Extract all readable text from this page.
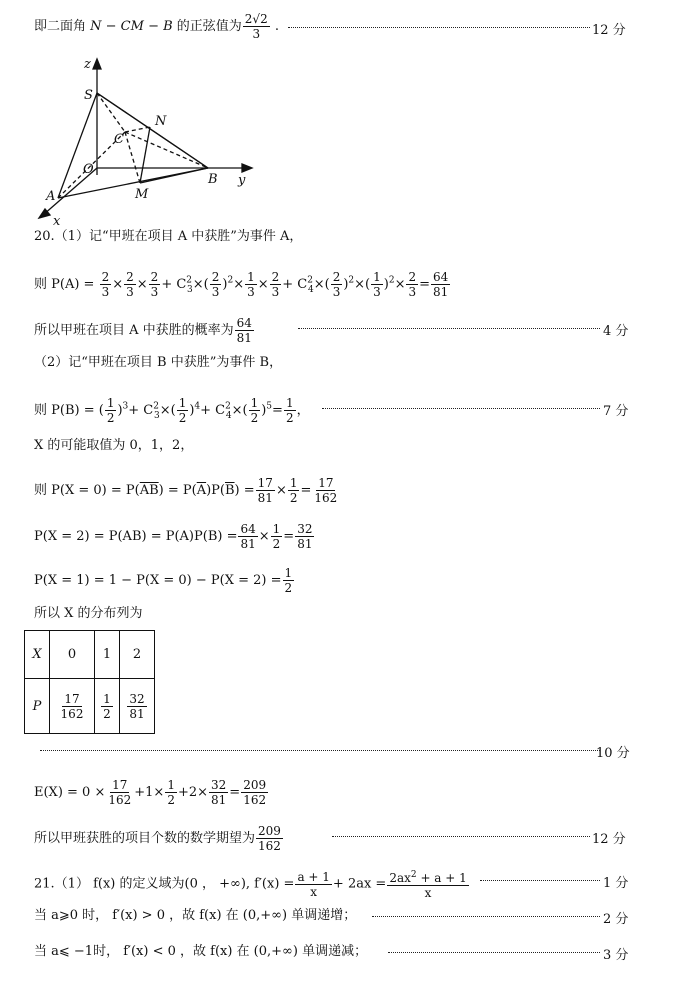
即二面角 N − CM − B 的正弦值为 $\frac{2√2}{3}$ .	12 分
z
S
N
C
O
B y
A	M
x
20.（1）记“甲班在项目 A 中获胜”为事件 A，
则 $P(A) = \frac{2}{3} \times \frac{2}{3} \times \frac{2}{3} + C^2_3\times( \frac{2}{3} )^2\times \frac{1}{3} \times \frac{2}{3} + C^2_4\times( \frac{2}{3} )^2\times( \frac{1}{3} )^2\times \frac{2}{3} = \frac{64}{81}$
所以甲班在项目 A 中获胜的概率为 $\frac{64}{81}$	4 分
（2）记“甲班在项目 B 中获胜”为事件 B，
则 P(B) = ( $\frac{1}{2} )^3+ C^2_3\times( \frac{1}{2} )^4+ C^2_4\times( \frac{1}{2} )^5= \frac{1}{2}$ ，	7 分
X 的可能取值为 0，1，2，
则 $P(X = 0) = P(\overline{AB}) = P(\overline{A})P(\overline{B}) = \frac{17}{81} \times \frac{1}{2} = \frac{17}{162}$
$P(X = 2) = P(AB) = P(A)P(B) = \frac{64}{81} \times \frac{1}{2} = \frac{32}{81}$
$P(X = 1) = 1 - P(X = 0) - P(X = 2) = \frac{1}{2}$
所以 X 的分布列为
X	0	1	2
P	$\frac{17}{162}$	$\frac{1}{2}$	$\frac{32}{81}$
10 分
$E(X) = 0 \times \frac{17}{162} +1\times \frac{1}{2} +2\times \frac{32}{81} = \frac{209}{162}$
所以甲班获胜的项目个数的数学期望为 $\frac{209}{162}$	12 分
21.（1） f(x) 的定义域为(0 ， +∞), $f'(x) = \frac{a + 1}{x} + 2ax = \frac{2ax^2 + a + 1}{x}$	1 分
当 a⩾0 时， f′(x) > 0 ，故 f(x) 在 (0,+∞) 单调递增；	2 分
当 a⩽ −1时， f′(x) < 0 ，故 f(x) 在 (0,+∞) 单调递减；	3 分
